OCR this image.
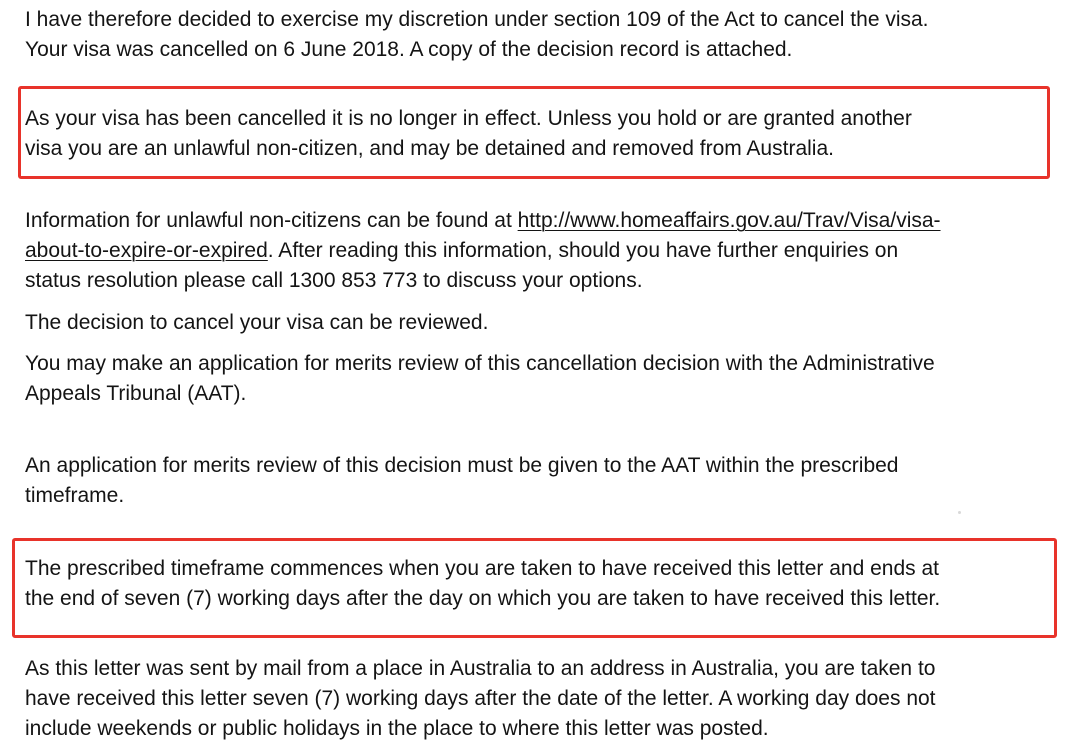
I have therefore decided to exercise my discretion under section 109 of the Act to cancel the visa.
Your visa was cancelled on 6 June 2018. A copy of the decision record is attached.
As your visa has been cancelled it is no longer in effect. Unless you hold or are granted another
visa you are an unlawful non-citizen, and may be detained and removed from Australia.
Information for unlawful non-citizens can be found at http://www.homeaffairs.gov.au/Trav/Visa/visa-
about-to-expire-or-expired. After reading this information, should you have further enquiries on
status resolution please call 1300 853 773 to discuss your options.
The decision to cancel your visa can be reviewed.
You may make an application for merits review of this cancellation decision with the Administrative
Appeals Tribunal (AAT).
An application for merits review of this decision must be given to the AAT within the prescribed
timeframe.
The prescribed timeframe commences when you are taken to have received this letter and ends at
the end of seven (7) working days after the day on which you are taken to have received this letter.
As this letter was sent by mail from a place in Australia to an address in Australia, you are taken to
have received this letter seven (7) working days after the date of the letter. A working day does not
include weekends or public holidays in the place to where this letter was posted.
